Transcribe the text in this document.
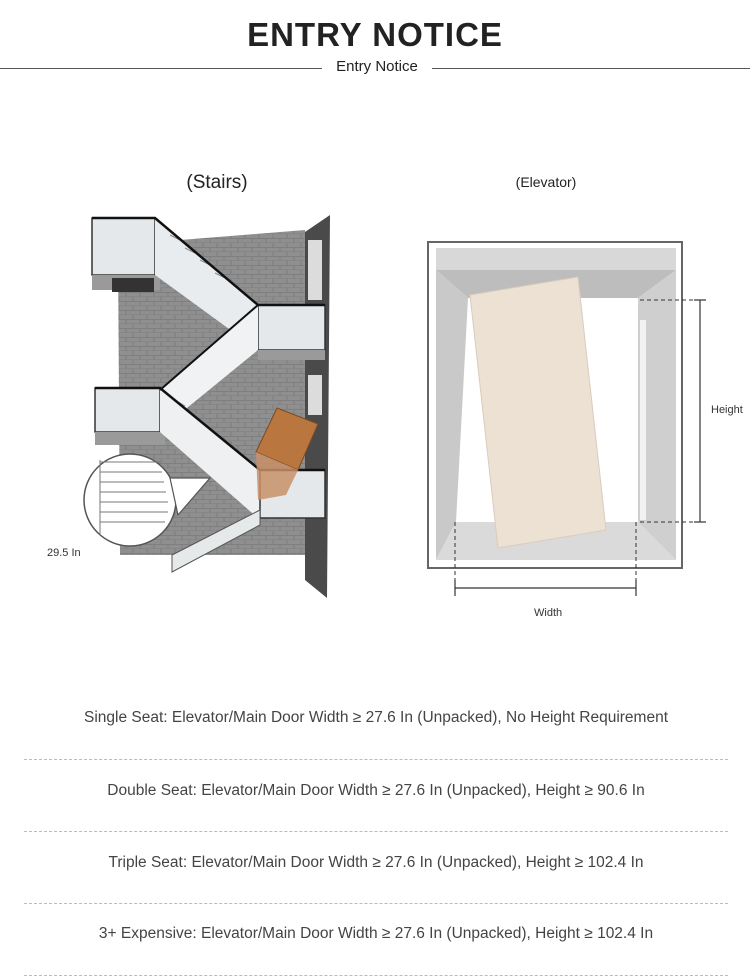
ENTRY NOTICE
Entry Notice
(Stairs)	(Elevator)
29.5 In
Height
Width
Single Seat: Elevator/Main Door Width ≥ 27.6 In (Unpacked), No Height Requirement
Double Seat: Elevator/Main Door Width ≥ 27.6 In (Unpacked), Height ≥ 90.6 In
Triple Seat: Elevator/Main Door Width ≥ 27.6 In (Unpacked), Height ≥ 102.4 In
3+ Expensive: Elevator/Main Door Width ≥ 27.6 In (Unpacked), Height ≥ 102.4 In
